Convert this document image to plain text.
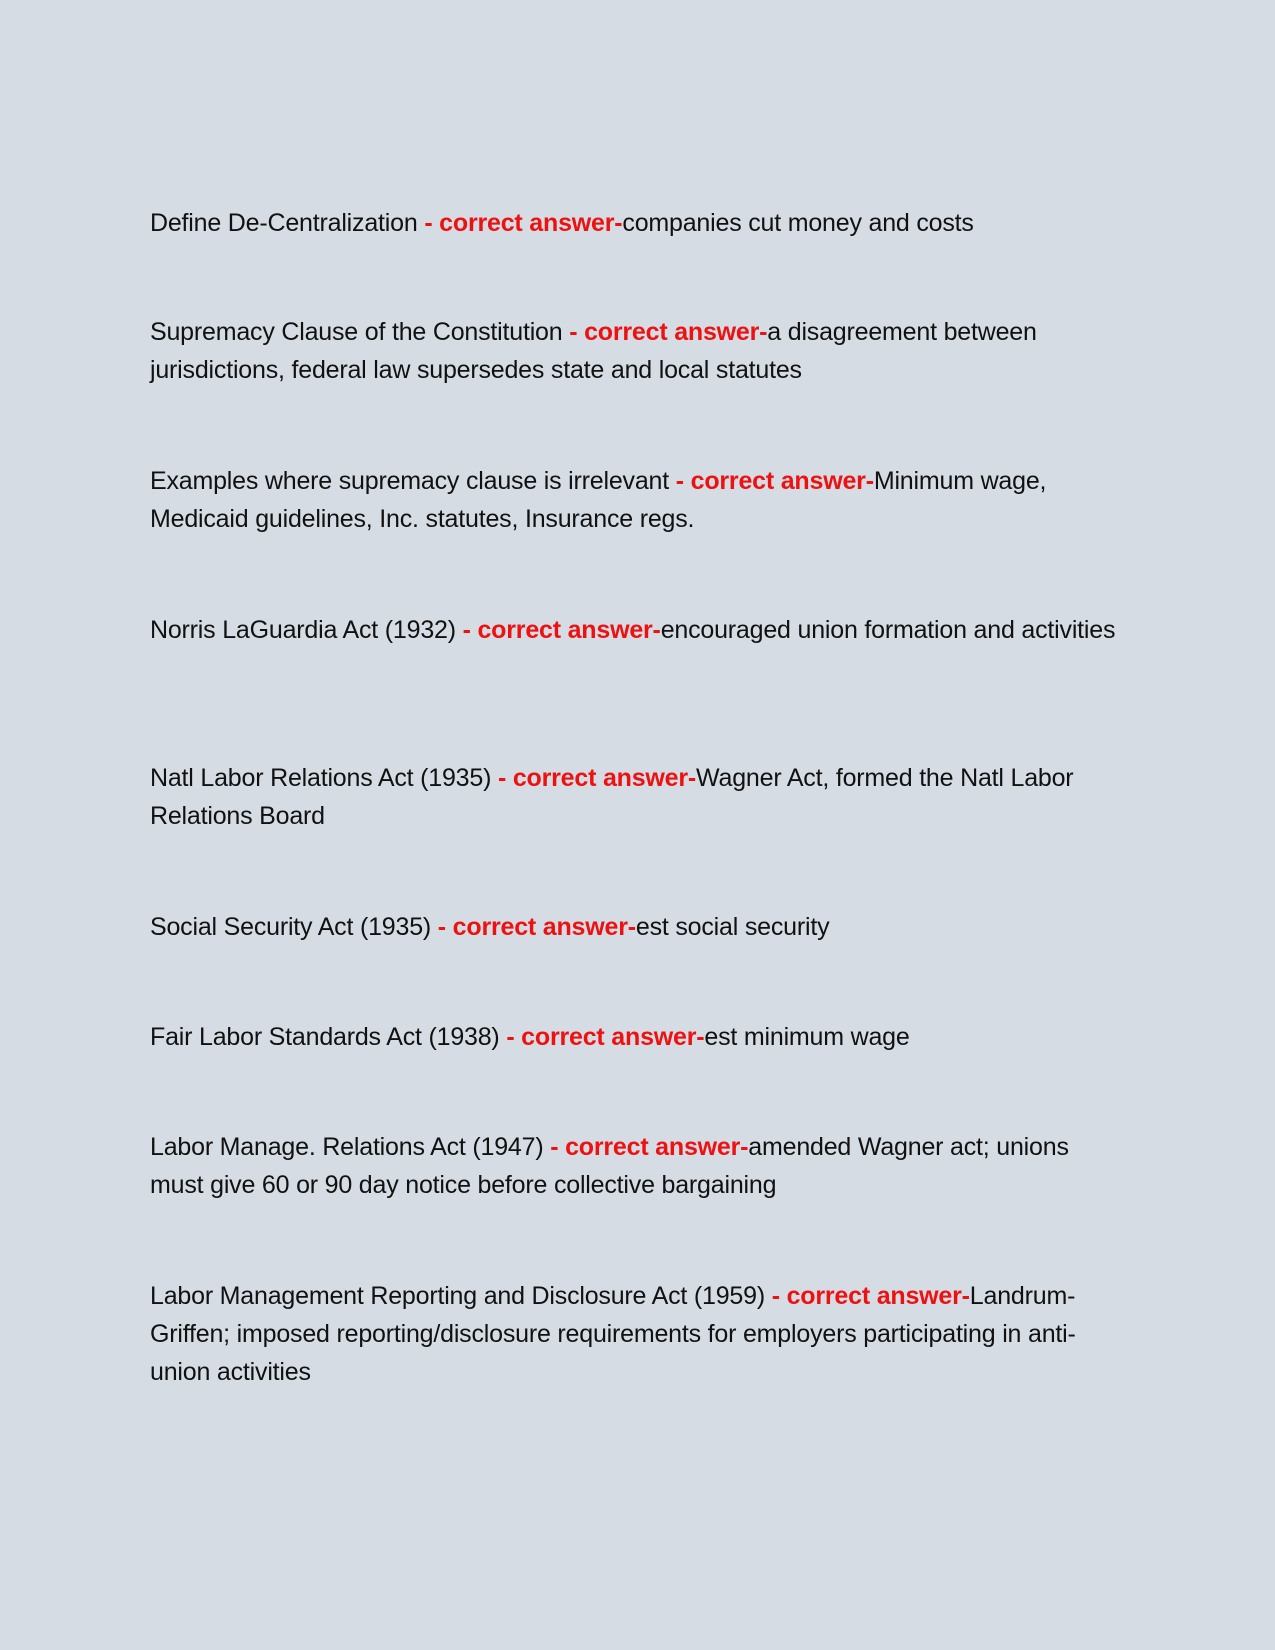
Define De-Centralization - correct answer-companies cut money and costs

Supremacy Clause of the Constitution - correct answer-a disagreement between jurisdictions, federal law supersedes state and local statutes

Examples where supremacy clause is irrelevant - correct answer-Minimum wage, Medicaid guidelines, Inc. statutes, Insurance regs.

Norris LaGuardia Act (1932) - correct answer-encouraged union formation and activities

Natl Labor Relations Act (1935) - correct answer-Wagner Act, formed the Natl Labor Relations Board

Social Security Act (1935) - correct answer-est social security

Fair Labor Standards Act (1938) - correct answer-est minimum wage

Labor Manage. Relations Act (1947) - correct answer-amended Wagner act; unions must give 60 or 90 day notice before collective bargaining

Labor Management Reporting and Disclosure Act (1959) - correct answer-Landrum-Griffen; imposed reporting/disclosure requirements for employers participating in anti-union activities
